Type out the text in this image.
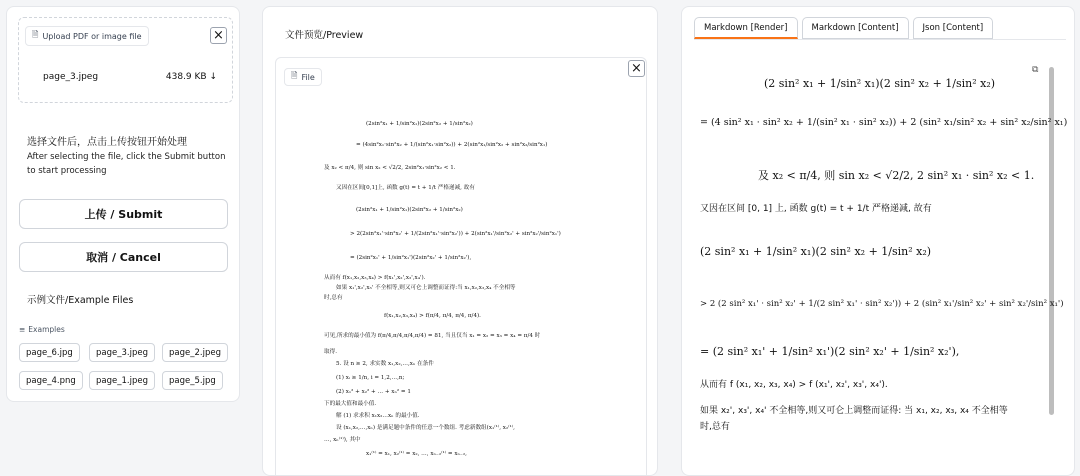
🗎 Upload PDF or image file	×
page_3.jpeg	438.9 KB ↓
选择文件后，点击上传按钮开始处理
After selecting the file, click the Submit button to start processing
上传 / Submit
取消 / Cancel
示例文件/Example Files
≡ Examples
page_6.jpg	page_3.jpeg	page_2.jpeg
page_4.png	page_1.jpeg	page_5.jpg
文件预览/Preview
🗎 File
×
(2sin²x₁ + 1/sin²x₁)(2sin²x₂ + 1/sin²x₂)
= (4sin²x₁·sin²x₂ + 1/(sin²x₁·sin²x₂)) + 2(sin²x₁/sin²x₂ + sin²x₂/sin²x₁)
及 x₂ < π/4, 则 sin x₂ < √2/2, 2sin²x₁·sin²x₂ < 1.
又因在区间[0,1]上, 函数 g(t) = t + 1/t 严格递减, 故有
(2sin²x₁ + 1/sin²x₁)(2sin²x₂ + 1/sin²x₂)
> 2(2sin²x₁'·sin²x₂' + 1/(2sin²x₁'·sin²x₂')) + 2(sin²x₁'/sin²x₂' + sin²x₂'/sin²x₁')
= (2sin²x₁' + 1/sin²x₁')(2sin²x₂' + 1/sin²x₂'),
从而有 f(x₁,x₂,x₃,x₄) > f(x₁',x₂',x₃',x₄').
如果 x₁',x₂',x₃' 不全相等,则又可仑上调整而证得:当 x₁,x₂,x₃,x₄ 不全相等
时,总有
f(x₁,x₂,x₃,x₄) > f(π/4, π/4, π/4, π/4).
可见,所求的最小值为 f(π/4,π/4,π/4,π/4) = 81, 当且仅当 x₁ = x₂ = x₃ = x₄ = π/4 时
取得.
5. 设 n ≥ 2, 求实数 x₁,x₂,…,xₙ 在条件
(1) xᵢ ≥ 1/n, i = 1,2,…,n;
(2) x₁² + x₂² + … + xₙ² = 1
下的最大值和最小值.
解 (1) 求求积 x₁x₂…xₙ 的最小值.
设 (x₁,x₂,…,xₙ) 是满足题中条件的任意一个数组. 考虑新数组(x₁⁽¹⁾, x₂⁽¹⁾,
…, xₙ⁽¹⁾), 其中
x₁⁽¹⁾ = x₁, x₂⁽¹⁾ = x₂, …, xₙ₋₂⁽¹⁾ = xₙ₋₂,
Markdown [Render]	Markdown [Content]	Json [Content]
⧉
(2 sin² x₁ + 1/sin² x₁)(2 sin² x₂ + 1/sin² x₂)
= (4 sin² x₁ · sin² x₂ + 1/(sin² x₁ · sin² x₂)) + 2 (sin² x₁/sin² x₂ + sin² x₂/sin² x₁)
及 x₂ < π/4, 则 sin x₂ < √2/2, 2 sin² x₁ · sin² x₂ < 1.
又因在区间 [0, 1] 上, 函数 g(t) = t + 1/t 严格递减, 故有
(2 sin² x₁ + 1/sin² x₁)(2 sin² x₂ + 1/sin² x₂)
> 2 (2 sin² x₁' · sin² x₂' + 1/(2 sin² x₁' · sin² x₂')) + 2 (sin² x₁'/sin² x₂' + sin² x₂'/sin² x₁')
= (2 sin² x₁' + 1/sin² x₁')(2 sin² x₂' + 1/sin² x₂'),
从而有 f (x₁, x₂, x₃, x₄) > f (x₁', x₂', x₃', x₄').
如果 x₂', x₃', x₄' 不全相等,则又可仑上调整而证得: 当 x₁, x₂, x₃, x₄ 不全相等
时,总有
